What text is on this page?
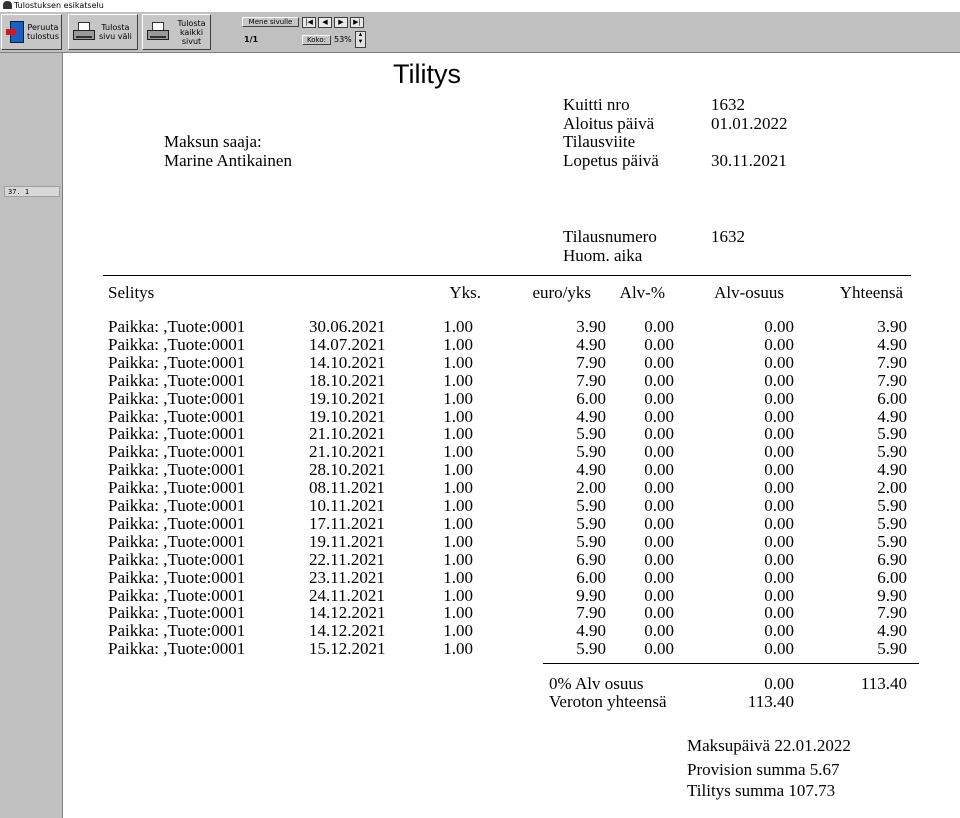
Tulostuksen esikatselu
Peruuta
tulostus
Tulosta
sivu väli
Tulosta
kaikki sivut
Mene sivulle	|◀	◀	▶	▶|
1/1	Koko:	53% ▲
▼
37. 1
Tilitys
Maksun saaja:
Marine Antikainen
Kuitti nro	1632
Aloitus päivä	01.01.2022
Tilausviite
Lopetus päivä	30.11.2021
Tilausnumero	1632
Huom. aika
Selitys	Yks.	euro/yks	Alv-%	Alv-osuus	Yhteensä
Paikka: ,Tuote:0001	30.06.2021	1.00	3.90	0.00	0.00	3.90
Paikka: ,Tuote:0001	14.07.2021	1.00	4.90	0.00	0.00	4.90
Paikka: ,Tuote:0001	14.10.2021	1.00	7.90	0.00	0.00	7.90
Paikka: ,Tuote:0001	18.10.2021	1.00	7.90	0.00	0.00	7.90
Paikka: ,Tuote:0001	19.10.2021	1.00	6.00	0.00	0.00	6.00
Paikka: ,Tuote:0001	19.10.2021	1.00	4.90	0.00	0.00	4.90
Paikka: ,Tuote:0001	21.10.2021	1.00	5.90	0.00	0.00	5.90
Paikka: ,Tuote:0001	21.10.2021	1.00	5.90	0.00	0.00	5.90
Paikka: ,Tuote:0001	28.10.2021	1.00	4.90	0.00	0.00	4.90
Paikka: ,Tuote:0001	08.11.2021	1.00	2.00	0.00	0.00	2.00
Paikka: ,Tuote:0001	10.11.2021	1.00	5.90	0.00	0.00	5.90
Paikka: ,Tuote:0001	17.11.2021	1.00	5.90	0.00	0.00	5.90
Paikka: ,Tuote:0001	19.11.2021	1.00	5.90	0.00	0.00	5.90
Paikka: ,Tuote:0001	22.11.2021	1.00	6.90	0.00	0.00	6.90
Paikka: ,Tuote:0001	23.11.2021	1.00	6.00	0.00	0.00	6.00
Paikka: ,Tuote:0001	24.11.2021	1.00	9.90	0.00	0.00	9.90
Paikka: ,Tuote:0001	14.12.2021	1.00	7.90	0.00	0.00	7.90
Paikka: ,Tuote:0001	14.12.2021	1.00	4.90	0.00	0.00	4.90
Paikka: ,Tuote:0001	15.12.2021	1.00	5.90	0.00	0.00	5.90
0% Alv osuus	0.00	113.40
Veroton yhteensä	113.40
Maksupäivä 22.01.2022
Provision summa 5.67
Tilitys summa 107.73
